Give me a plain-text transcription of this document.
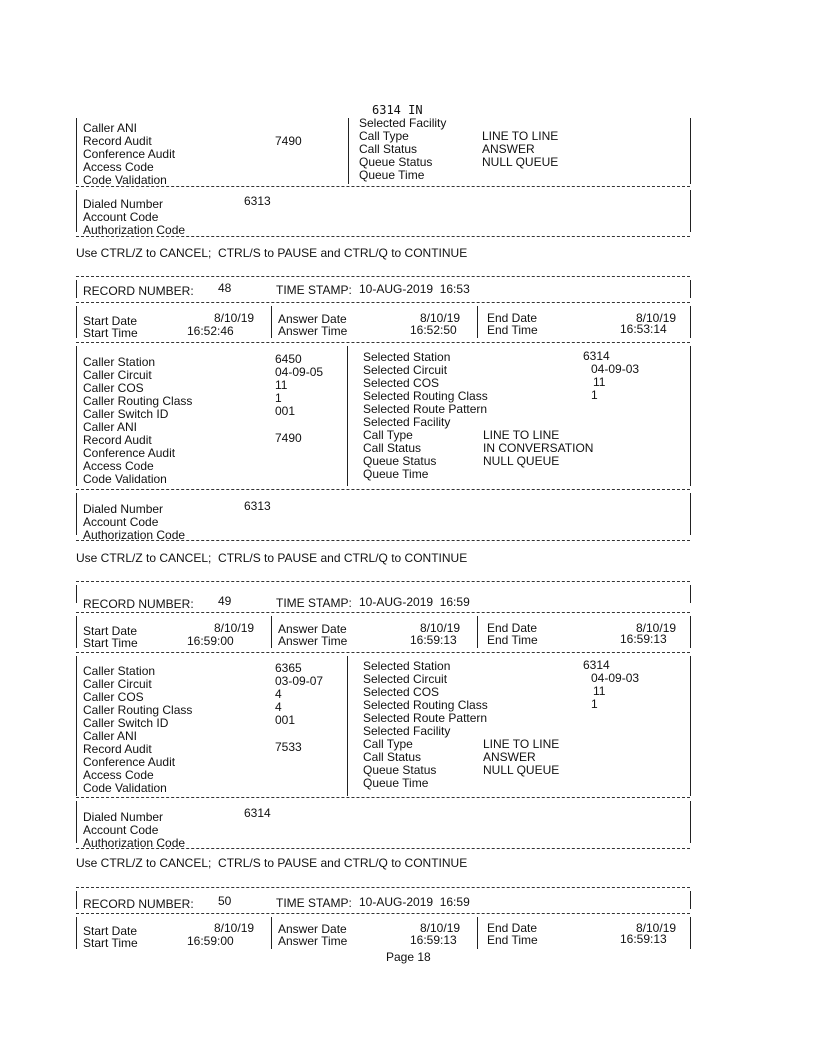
6314 IN
Caller ANI
Record Audit	7490
Conference Audit
Access Code
Code Validation
Selected Facility
Call Type	LINE TO LINE
Call Status	ANSWER
Queue Status	NULL QUEUE
Queue Time
Dialed Number	6313
Account Code
Authorization Code
Use CTRL/Z to CANCEL;  CTRL/S to PAUSE and CTRL/Q to CONTINUE
RECORD NUMBER: 48	TIME STAMP: 10-AUG-2019  16:53
Start Date	8/10/19
Start Time	16:52:46
Answer Date	8/10/19
Answer Time	16:52:50
End Date	8/10/19
End Time	16:53:14
Caller Station	6450
Caller Circuit	04-09-05
Caller COS	11
Caller Routing Class	1
Caller Switch ID	001
Caller ANI
Record Audit	7490
Conference Audit
Access Code
Code Validation
Selected Station	6314
Selected Circuit	04-09-03
Selected COS	11
Selected Routing Class	1
Selected Route Pattern
Selected Facility
Call Type	LINE TO LINE
Call Status	IN CONVERSATION
Queue Status	NULL QUEUE
Queue Time
Dialed Number	6313
Account Code
Authorization Code
Use CTRL/Z to CANCEL;  CTRL/S to PAUSE and CTRL/Q to CONTINUE
RECORD NUMBER: 49	TIME STAMP: 10-AUG-2019  16:59
Start Date	8/10/19
Start Time	16:59:00
Answer Date	8/10/19
Answer Time	16:59:13
End Date	8/10/19
End Time	16:59:13
Caller Station	6365
Caller Circuit	03-09-07
Caller COS	4
Caller Routing Class	4
Caller Switch ID	001
Caller ANI
Record Audit	7533
Conference Audit
Access Code
Code Validation
Selected Station	6314
Selected Circuit	04-09-03
Selected COS	11
Selected Routing Class	1
Selected Route Pattern
Selected Facility
Call Type	LINE TO LINE
Call Status	ANSWER
Queue Status	NULL QUEUE
Queue Time
Dialed Number	6314
Account Code
Authorization Code
Use CTRL/Z to CANCEL;  CTRL/S to PAUSE and CTRL/Q to CONTINUE
RECORD NUMBER: 50	TIME STAMP: 10-AUG-2019  16:59
Start Date	8/10/19
Start Time	16:59:00
Answer Date	8/10/19
Answer Time	16:59:13
End Date	8/10/19
End Time	16:59:13
Page 18
